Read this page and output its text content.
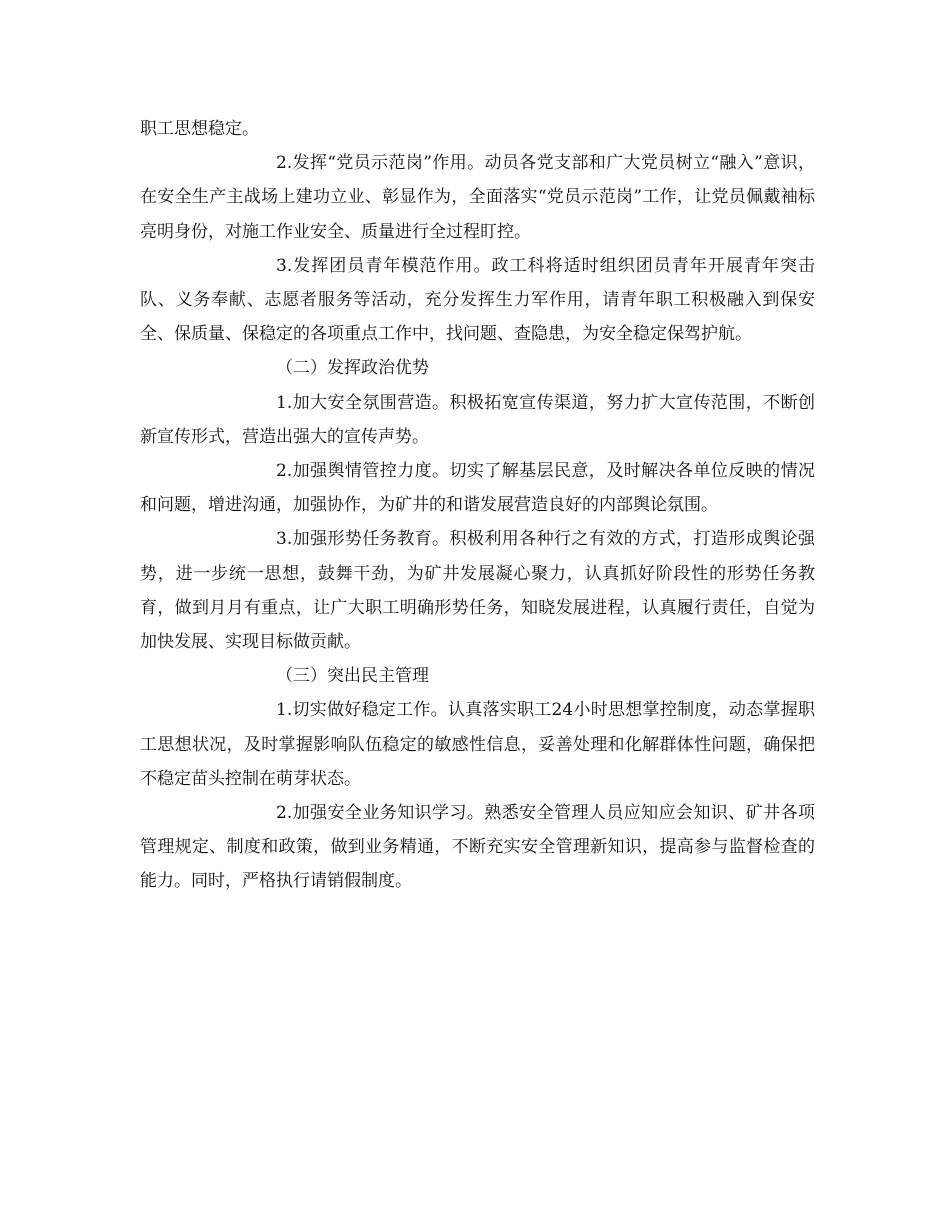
职工思想稳定。

2.发挥“党员示范岗”作用。动员各党支部和广大党员树立“融入”意识，在安全生产主战场上建功立业、彰显作为，全面落实“党员示范岗”工作，让党员佩戴袖标亮明身份，对施工作业安全、质量进行全过程盯控。

3.发挥团员青年模范作用。政工科将适时组织团员青年开展青年突击队、义务奉献、志愿者服务等活动，充分发挥生力军作用，请青年职工积极融入到保安全、保质量、保稳定的各项重点工作中，找问题、查隐患，为安全稳定保驾护航。

（二）发挥政治优势

1.加大安全氛围营造。积极拓宽宣传渠道，努力扩大宣传范围，不断创新宣传形式，营造出强大的宣传声势。

2.加强舆情管控力度。切实了解基层民意，及时解决各单位反映的情况和问题，增进沟通，加强协作，为矿井的和谐发展营造良好的内部舆论氛围。

3.加强形势任务教育。积极利用各种行之有效的方式，打造形成舆论强势，进一步统一思想，鼓舞干劲，为矿井发展凝心聚力，认真抓好阶段性的形势任务教育，做到月月有重点，让广大职工明确形势任务，知晓发展进程，认真履行责任，自觉为加快发展、实现目标做贡献。

（三）突出民主管理

1.切实做好稳定工作。认真落实职工24小时思想掌控制度，动态掌握职工思想状况，及时掌握影响队伍稳定的敏感性信息，妥善处理和化解群体性问题，确保把不稳定苗头控制在萌芽状态。

2.加强安全业务知识学习。熟悉安全管理人员应知应会知识、矿井各项管理规定、制度和政策，做到业务精通，不断充实安全管理新知识，提高参与监督检查的能力。同时，严格执行请销假制度。
